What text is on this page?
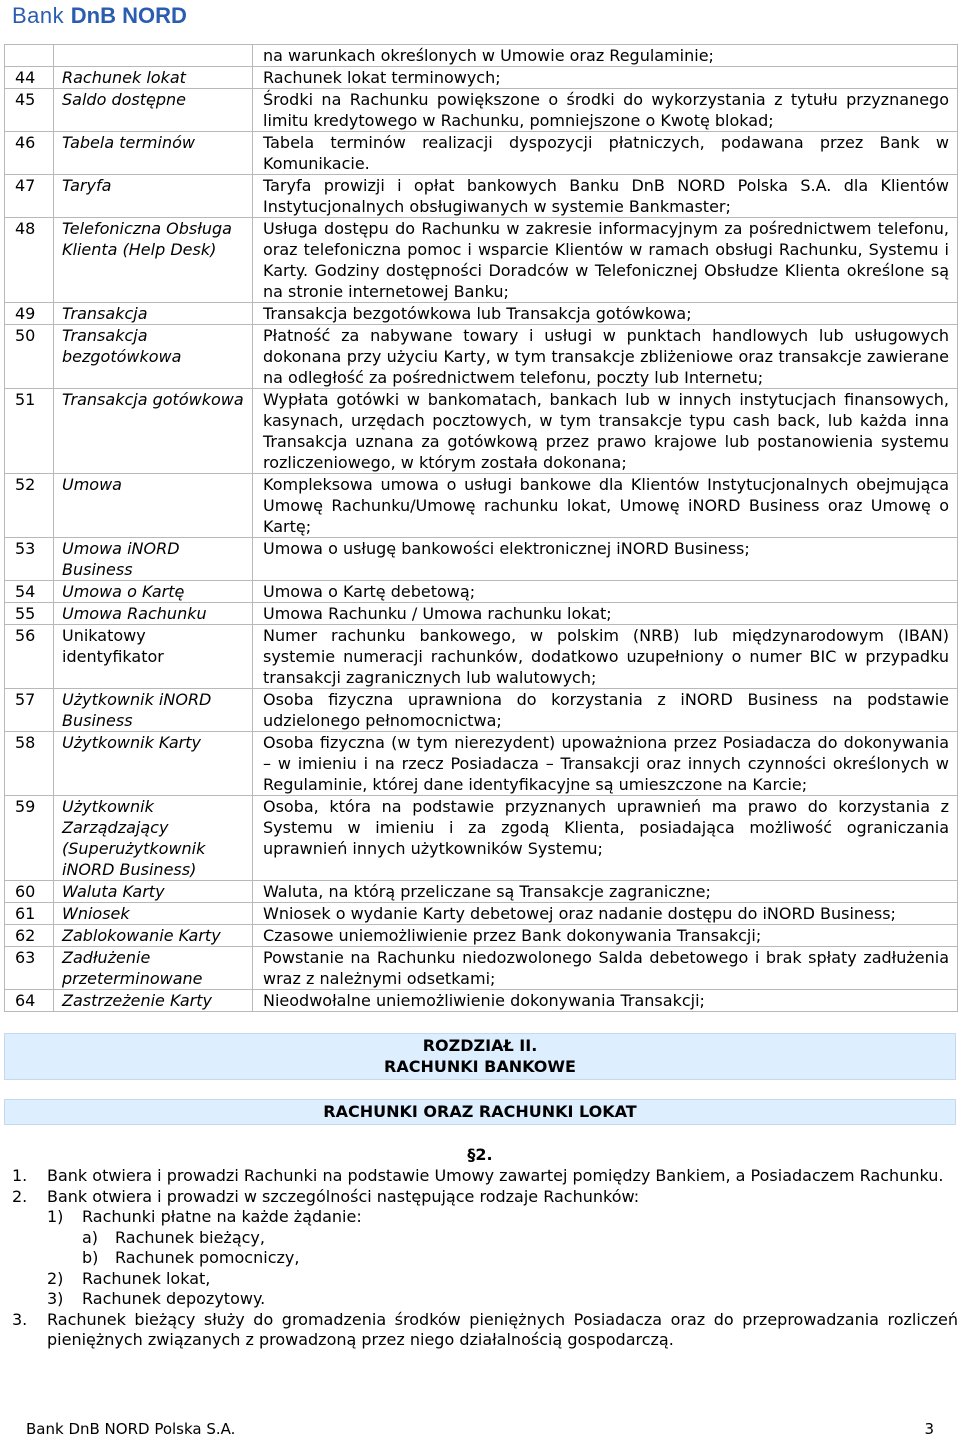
Bank DnB NORD
		na warunkach określonych w Umowie oraz Regulaminie;
44	Rachunek lokat	Rachunek lokat terminowych;
45	Saldo dostępne	Środki na Rachunku powiększone o środki do wykorzystania z tytułu przyznanego limitu kredytowego w Rachunku, pomniejszone o Kwotę blokad;
46	Tabela terminów	Tabela terminów realizacji dyspozycji płatniczych, podawana przez Bank w Komunikacie.
47	Taryfa	Taryfa prowizji i opłat bankowych Banku DnB NORD Polska S.A. dla Klientów Instytucjonalnych obsługiwanych w systemie Bankmaster;
48	Telefoniczna Obsługa Klienta (Help Desk)	Usługa dostępu do Rachunku w zakresie informacyjnym za pośrednictwem telefonu, oraz telefoniczna pomoc i wsparcie Klientów w ramach obsługi Rachunku, Systemu i Karty. Godziny dostępności Doradców w Telefonicznej Obsłudze Klienta określone są na stronie internetowej Banku;
49	Transakcja	Transakcja bezgotówkowa lub Transakcja gotówkowa;
50	Transakcja bezgotówkowa	Płatność za nabywane towary i usługi w punktach handlowych lub usługowych dokonana przy użyciu Karty, w tym transakcje zbliżeniowe oraz transakcje zawierane na odległość za pośrednictwem telefonu, poczty lub Internetu;
51	Transakcja gotówkowa	Wypłata gotówki w bankomatach, bankach lub w innych instytucjach finansowych, kasynach, urzędach pocztowych, w tym transakcje typu cash back, lub każda inna Transakcja uznana za gotówkową przez prawo krajowe lub postanowienia systemu rozliczeniowego, w którym została dokonana;
52	Umowa	Kompleksowa umowa o usługi bankowe dla Klientów Instytucjonalnych obejmująca Umowę Rachunku/Umowę rachunku lokat, Umowę iNORD Business oraz Umowę o Kartę;
53	Umowa iNORD Business	Umowa o usługę bankowości elektronicznej iNORD Business;
54	Umowa o Kartę	Umowa o Kartę debetową;
55	Umowa Rachunku	Umowa Rachunku / Umowa rachunku lokat;
56	Unikatowy identyfikator	Numer rachunku bankowego, w polskim (NRB) lub międzynarodowym (IBAN) systemie numeracji rachunków, dodatkowo uzupełniony o numer BIC w przypadku transakcji zagranicznych lub walutowych;
57	Użytkownik iNORD Business	Osoba fizyczna uprawniona do korzystania z iNORD Business na podstawie udzielonego pełnomocnictwa;
58	Użytkownik Karty	Osoba fizyczna (w tym nierezydent) upoważniona przez Posiadacza do dokonywania – w imieniu i na rzecz Posiadacza – Transakcji oraz innych czynności określonych w Regulaminie, której dane identyfikacyjne są umieszczone na Karcie;
59	Użytkownik Zarządzający (Superużytkownik iNORD Business)	Osoba, która na podstawie przyznanych uprawnień ma prawo do korzystania z Systemu w imieniu i za zgodą Klienta, posiadająca możliwość ograniczania uprawnień innych użytkowników Systemu;
60	Waluta Karty	Waluta, na którą przeliczane są Transakcje zagraniczne;
61	Wniosek	Wniosek o wydanie Karty debetowej oraz nadanie dostępu do iNORD Business;
62	Zablokowanie Karty	Czasowe uniemożliwienie przez Bank dokonywania Transakcji;
63	Zadłużenie przeterminowane	Powstanie na Rachunku niedozwolonego Salda debetowego i brak spłaty zadłużenia wraz z należnymi odsetkami;
64	Zastrzeżenie Karty	Nieodwołalne uniemożliwienie dokonywania Transakcji;
ROZDZIAŁ II.
RACHUNKI BANKOWE
RACHUNKI ORAZ RACHUNKI LOKAT
§2.
1. Bank otwiera i prowadzi Rachunki na podstawie Umowy zawartej pomiędzy Bankiem, a Posiadaczem Rachunku.
2. Bank otwiera i prowadzi w szczególności następujące rodzaje Rachunków:
1) Rachunki płatne na każde żądanie:
a) Rachunek bieżący,
b) Rachunek pomocniczy,
2) Rachunek lokat,
3) Rachunek depozytowy.
3. Rachunek bieżący służy do gromadzenia środków pieniężnych Posiadacza oraz do przeprowadzania rozliczeń pieniężnych związanych z prowadzoną przez niego działalnością gospodarczą.
Bank DnB NORD Polska S.A.	3
